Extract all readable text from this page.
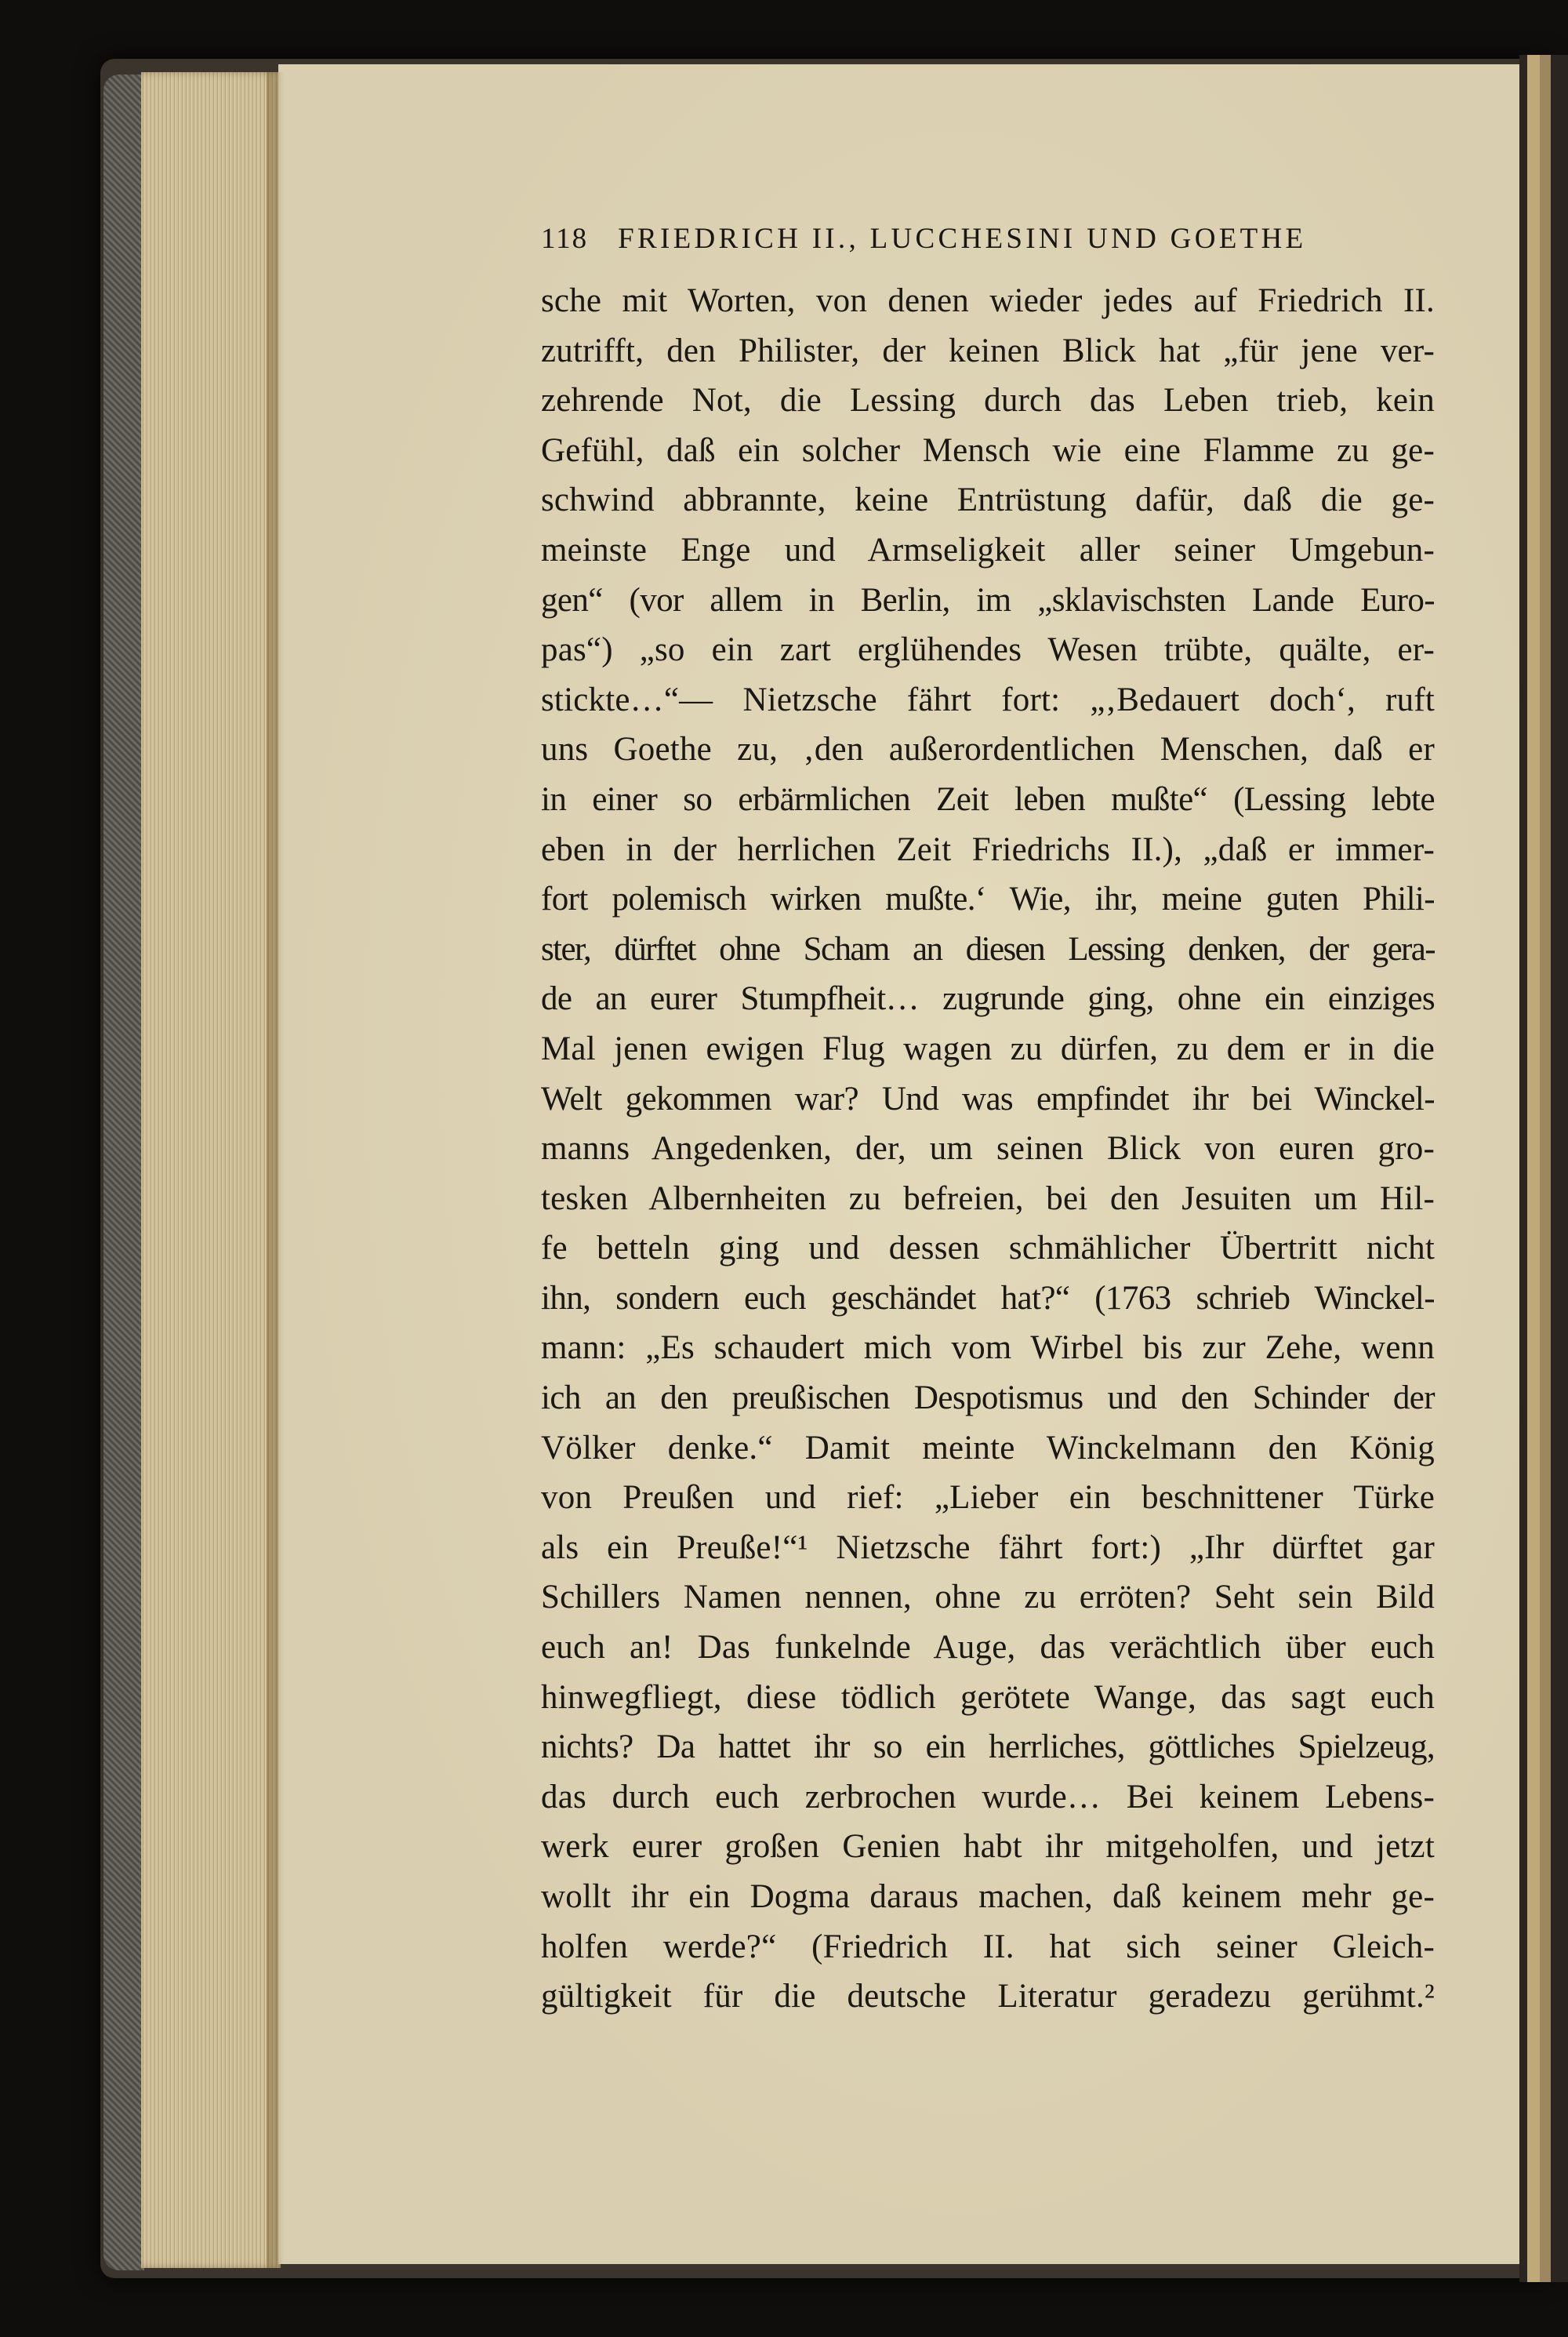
118 FRIEDRICH II., LUCCHESINI UND GOETHE
sche mit Worten, von denen wieder jedes auf Friedrich II.
zutrifft, den Philister, der keinen Blick hat „für jene ver-
zehrende Not, die Lessing durch das Leben trieb, kein
Gefühl, daß ein solcher Mensch wie eine Flamme zu ge-
schwind abbrannte, keine Entrüstung dafür, daß die ge-
meinste Enge und Armseligkeit aller seiner Umgebun-
gen“ (vor allem in Berlin, im „sklavischsten Lande Euro-
pas“) „so ein zart erglühendes Wesen trübte, quälte, er-
stickte…“— Nietzsche fährt fort: „‚Bedauert doch‘, ruft
uns Goethe zu, ‚den außerordentlichen Menschen, daß er
in einer so erbärmlichen Zeit leben mußte“ (Lessing lebte
eben in der herrlichen Zeit Friedrichs II.), „daß er immer-
fort polemisch wirken mußte.‘ Wie, ihr, meine guten Phili-
ster, dürftet ohne Scham an diesen Lessing denken, der gera-
de an eurer Stumpfheit… zugrunde ging, ohne ein einziges
Mal jenen ewigen Flug wagen zu dürfen, zu dem er in die
Welt gekommen war? Und was empfindet ihr bei Winckel-
manns Angedenken, der, um seinen Blick von euren gro-
tesken Albernheiten zu befreien, bei den Jesuiten um Hil-
fe betteln ging und dessen schmählicher Übertritt nicht
ihn, sondern euch geschändet hat?“ (1763 schrieb Winckel-
mann: „Es schaudert mich vom Wirbel bis zur Zehe, wenn
ich an den preußischen Despotismus und den Schinder der
Völker denke.“ Damit meinte Winckelmann den König
von Preußen und rief: „Lieber ein beschnittener Türke
als ein Preuße!“¹ Nietzsche fährt fort:) „Ihr dürftet gar
Schillers Namen nennen, ohne zu erröten? Seht sein Bild
euch an! Das funkelnde Auge, das verächtlich über euch
hinwegfliegt, diese tödlich gerötete Wange, das sagt euch
nichts? Da hattet ihr so ein herrliches, göttliches Spielzeug,
das durch euch zerbrochen wurde… Bei keinem Lebens-
werk eurer großen Genien habt ihr mitgeholfen, und jetzt
wollt ihr ein Dogma daraus machen, daß keinem mehr ge-
holfen werde?“ (Friedrich II. hat sich seiner Gleich-
gültigkeit für die deutsche Literatur geradezu gerühmt.²
